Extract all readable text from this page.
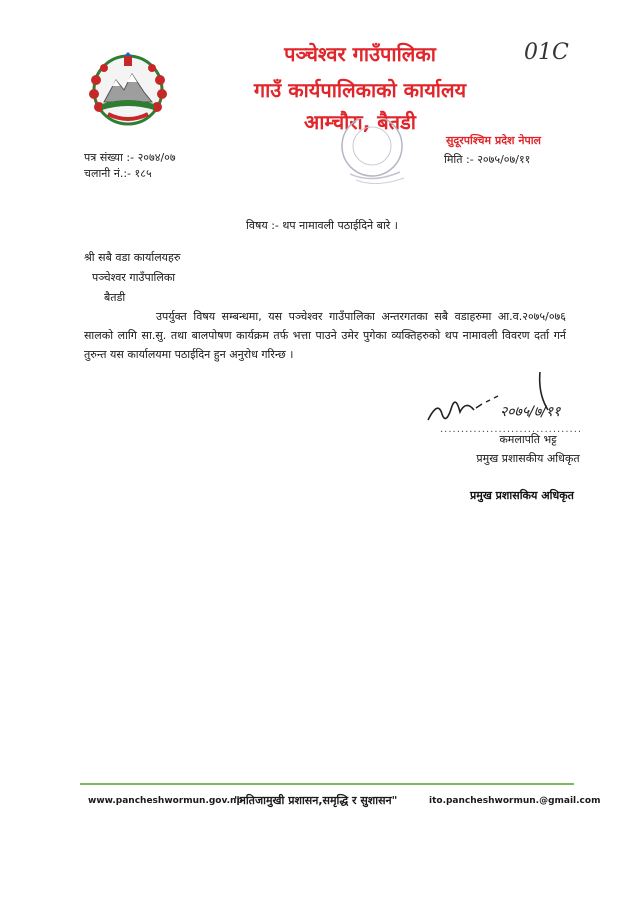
पञ्चेश्वर गाउँपालिका
गाउँ कार्यपालिकाको कार्यालय
आम्चौरा, बैतडी
01C
सुदूरपश्चिम प्रदेश नेपाल
पत्र संख्या :- २०७४/०७
चलानी नं.:- १८५
मिति :- २०७५/०७/११
विषय :- थप नामावली पठाईदिने बारे ।
श्री सबै वडा कार्यालयहरु
पञ्चेश्वर गाउँपालिका
बैतडी
उपर्युक्त विषय सम्बन्धमा, यस पञ्चेश्वर गाउँपालिका अन्तरगतका सबै वडाहरुमा आ.व.२०७५/०७६ सालको लागि सा.सु. तथा बालपोषण कार्यक्रम तर्फ भत्ता पाउने उमेर पुगेका व्यक्तिहरुको थप नामावली विवरण दर्ता गर्न तुरुन्त यस कार्यालयमा पठाईदिन हुन अनुरोध गरिन्छ ।
२०७५/७/११
..................................
कमलापति भट्ट
प्रमुख प्रशासकीय अधिकृत
प्रमुख प्रशासकिय अधिकृत
www.pancheshwormun.gov.np
"नतिजामुखी प्रशासन,समृद्धि र सुशासन"	ito.pancheshwormun.@gmail.com
